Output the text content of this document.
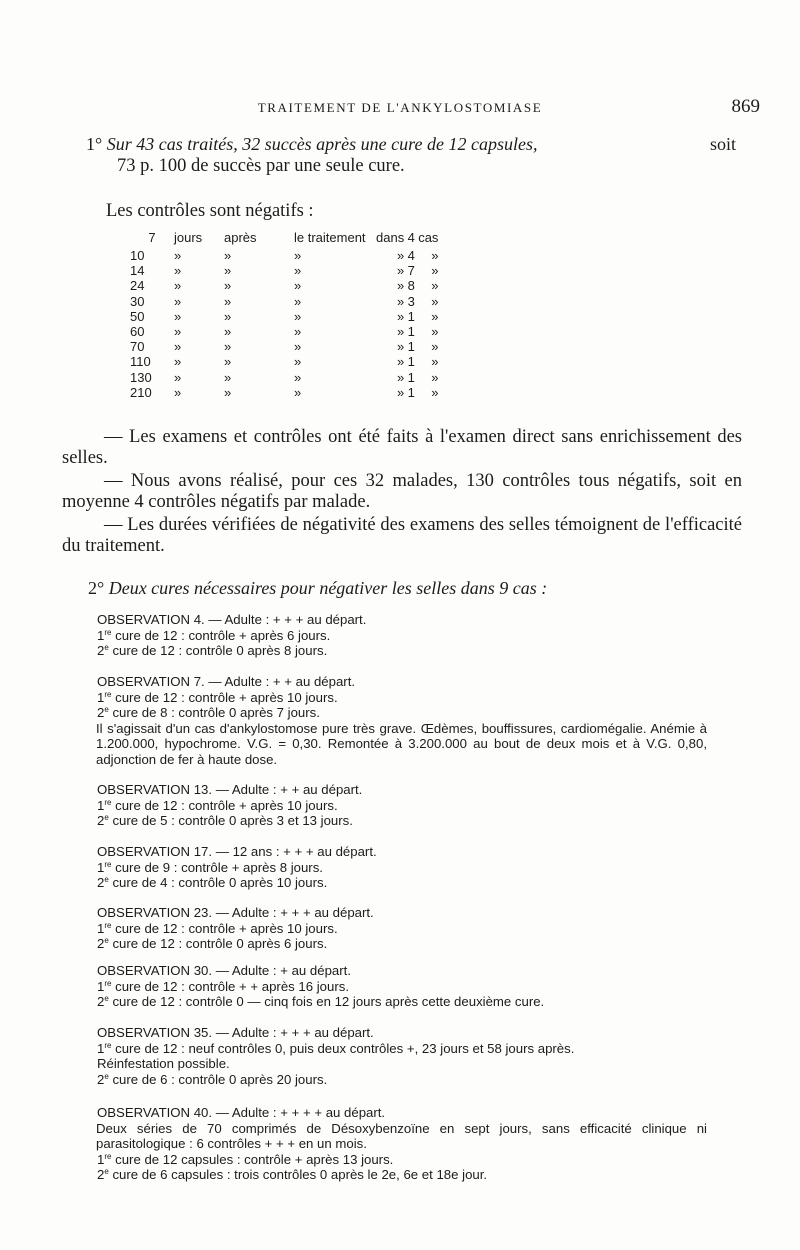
TRAITEMENT DE L'ANKYLOSTOMIASE	869
1° Sur 43 cas traités, 32 succès après une cure de 12 capsules,	soit
73 p. 100 de succès par une seule cure.
Les contrôles sont négatifs :
7	jours	après	le traitement	dans	4	cas
10	»	»	»	»	4	»
14	»	»	»	»	7	»
24	»	»	»	»	8	»
30	»	»	»	»	3	»
50	»	»	»	»	1	»
60	»	»	»	»	1	»
70	»	»	»	»	1	»
110	»	»	»	»	1	»
130	»	»	»	»	1	»
210	»	»	»	»	1	»
— Les examens et contrôles ont été faits à l'examen direct sans enrichissement des selles.
— Nous avons réalisé, pour ces 32 malades, 130 contrôles tous négatifs, soit en moyenne 4 contrôles négatifs par malade.
— Les durées vérifiées de négativité des examens des selles témoignent de l'efficacité du traitement.
2° Deux cures nécessaires pour négativer les selles dans 9 cas :
OBSERVATION 4. — Adulte : + + + au départ.
1re cure de 12 : contrôle + après 6 jours.
2e cure de 12 : contrôle 0 après 8 jours.
OBSERVATION 7. — Adulte : + + au départ.
1re cure de 12 : contrôle + après 10 jours.
2e cure de 8 : contrôle 0 après 7 jours.
Il s'agissait d'un cas d'ankylostomose pure très grave. Œdèmes, bouffissures, cardiomégalie. Anémie à 1.200.000, hypochrome. V.G. = 0,30. Remontée à 3.200.000 au bout de deux mois et à V.G. 0,80, adjonction de fer à haute dose.
OBSERVATION 13. — Adulte : + + au départ.
1re cure de 12 : contrôle + après 10 jours.
2e cure de 5 : contrôle 0 après 3 et 13 jours.
OBSERVATION 17. — 12 ans : + + + au départ.
1re cure de 9 : contrôle + après 8 jours.
2e cure de 4 : contrôle 0 après 10 jours.
OBSERVATION 23. — Adulte : + + + au départ.
1re cure de 12 : contrôle + après 10 jours.
2e cure de 12 : contrôle 0 après 6 jours.
OBSERVATION 30. — Adulte : + au départ.
1re cure de 12 : contrôle + + après 16 jours.
2e cure de 12 : contrôle 0 — cinq fois en 12 jours après cette deuxième cure.
OBSERVATION 35. — Adulte : + + + au départ.
1re cure de 12 : neuf contrôles 0, puis deux contrôles +, 23 jours et 58 jours après.
Réinfestation possible.
2e cure de 6 : contrôle 0 après 20 jours.
OBSERVATION 40. — Adulte : + + + + au départ.
Deux séries de 70 comprimés de Désoxybenzoïne en sept jours, sans efficacité clinique ni parasitologique : 6 contrôles + + + en un mois.
1re cure de 12 capsules : contrôle + après 13 jours.
2e cure de 6 capsules : trois contrôles 0 après le 2e, 6e et 18e jour.
